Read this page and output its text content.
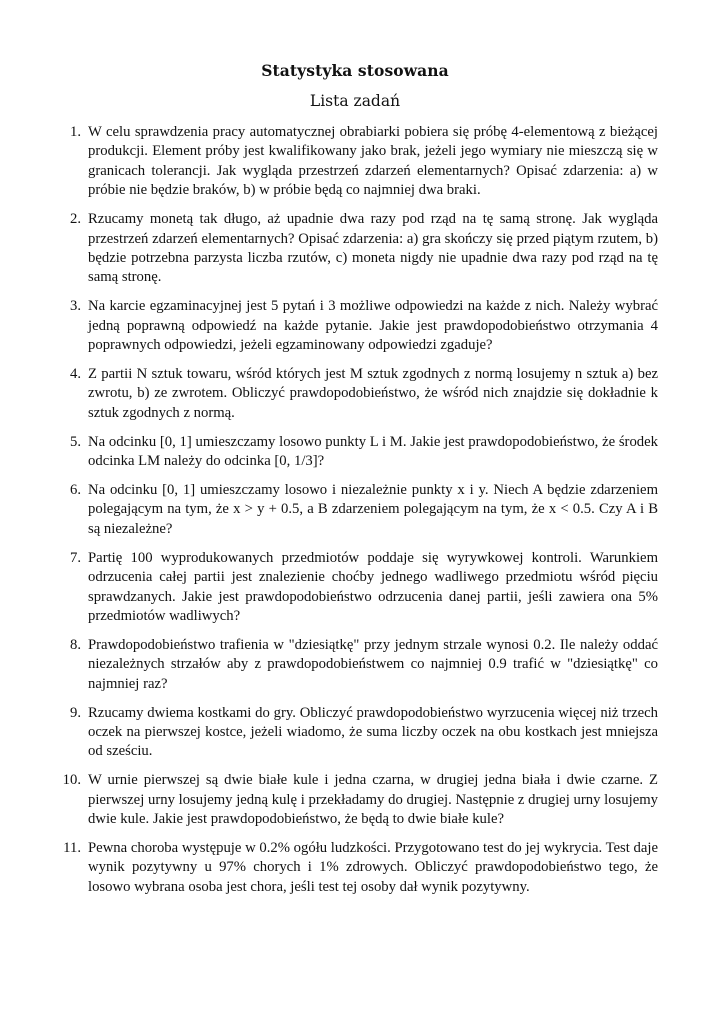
Statystyka stosowana
Lista zadań
1. W celu sprawdzenia pracy automatycznej obrabiarki pobiera się próbę 4-elementową z bieżącej produkcji. Element próby jest kwalifikowany jako brak, jeżeli jego wymiary nie mieszczą się w granicach tolerancji. Jak wygląda przestrzeń zdarzeń elementarnych? Opisać zdarzenia: a) w próbie nie będzie braków, b) w próbie będą co najmniej dwa braki.
2. Rzucamy monetą tak długo, aż upadnie dwa razy pod rząd na tę samą stronę. Jak wygląda przestrzeń zdarzeń elementarnych? Opisać zdarzenia: a) gra skończy się przed piątym rzutem, b) będzie potrzebna parzysta liczba rzutów, c) moneta nigdy nie upadnie dwa razy pod rząd na tę samą stronę.
3. Na karcie egzaminacyjnej jest 5 pytań i 3 możliwe odpowiedzi na każde z nich. Należy wybrać jedną poprawną odpowiedź na każde pytanie. Jakie jest prawdopodobieństwo otrzymania 4 poprawnych odpowiedzi, jeżeli egzaminowany odpowiedzi zgaduje?
4. Z partii N sztuk towaru, wśród których jest M sztuk zgodnych z normą losujemy n sztuk a) bez zwrotu, b) ze zwrotem. Obliczyć prawdopodobieństwo, że wśród nich znajdzie się dokładnie k sztuk zgodnych z normą.
5. Na odcinku [0, 1] umieszczamy losowo punkty L i M. Jakie jest prawdopodobieństwo, że środek odcinka LM należy do odcinka [0, 1/3]?
6. Na odcinku [0, 1] umieszczamy losowo i niezależnie punkty x i y. Niech A będzie zdarzeniem polegającym na tym, że x > y + 0.5, a B zdarzeniem polegającym na tym, że x < 0.5. Czy A i B są niezależne?
7. Partię 100 wyprodukowanych przedmiotów poddaje się wyrywkowej kontroli. Warunkiem odrzucenia całej partii jest znalezienie choćby jednego wadliwego przedmiotu wśród pięciu sprawdzanych. Jakie jest prawdopodobieństwo odrzucenia danej partii, jeśli zawiera ona 5% przedmiotów wadliwych?
8. Prawdopodobieństwo trafienia w "dziesiątkę" przy jednym strzale wynosi 0.2. Ile należy oddać niezależnych strzałów aby z prawdopodobieństwem co najmniej 0.9 trafić w "dziesiątkę" co najmniej raz?
9. Rzucamy dwiema kostkami do gry. Obliczyć prawdopodobieństwo wyrzucenia więcej niż trzech oczek na pierwszej kostce, jeżeli wiadomo, że suma liczby oczek na obu kostkach jest mniejsza od sześciu.
10. W urnie pierwszej są dwie białe kule i jedna czarna, w drugiej jedna biała i dwie czarne. Z pierwszej urny losujemy jedną kulę i przekładamy do drugiej. Następnie z drugiej urny losujemy dwie kule. Jakie jest prawdopodobieństwo, że będą to dwie białe kule?
11. Pewna choroba występuje w 0.2% ogółu ludzkości. Przygotowano test do jej wykrycia. Test daje wynik pozytywny u 97% chorych i 1% zdrowych. Obliczyć prawdopodobieństwo tego, że losowo wybrana osoba jest chora, jeśli test tej osoby dał wynik pozytywny.
